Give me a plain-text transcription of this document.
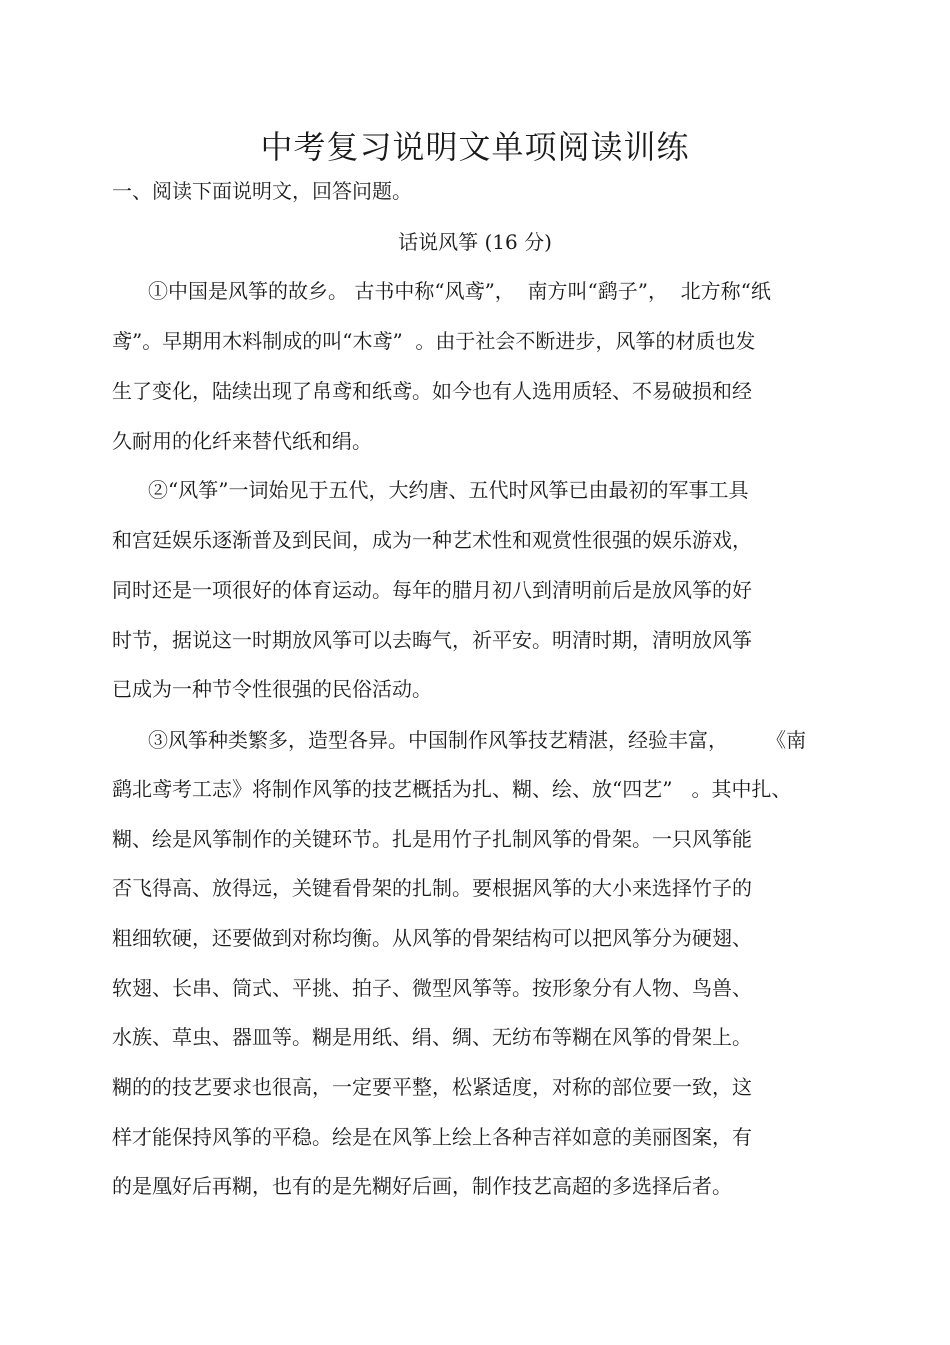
中考复习说明文单项阅读训练
一、阅读下面说明文，回答问题。
话说风筝 (16 分)
①中国是风筝的故乡。 古书中称“风鸢”，  南方叫“鹞子”，  北方称“纸
鸢”。早期用木料制成的叫“木鸢”  。由于社会不断进步，风筝的材质也发
生了变化，陆续出现了帛鸢和纸鸢。如今也有人选用质轻、不易破损和经
久耐用的化纤来替代纸和绢。
②“风筝”一词始见于五代，大约唐、五代时风筝已由最初的军事工具
和宫廷娱乐逐渐普及到民间，成为一种艺术性和观赏性很强的娱乐游戏，
同时还是一项很好的体育运动。每年的腊月初八到清明前后是放风筝的好
时节，据说这一时期放风筝可以去晦气，祈平安。明清时期，清明放风筝
已成为一种节令性很强的民俗活动。
③风筝种类繁多，造型各异。中国制作风筝技艺精湛，经验丰富，      《南
鹞北鸢考工志》将制作风筝的技艺概括为扎、糊、绘、放“四艺”   。其中扎、
糊、绘是风筝制作的关键环节。扎是用竹子扎制风筝的骨架。一只风筝能
否飞得高、放得远，关键看骨架的扎制。要根据风筝的大小来选择竹子的
粗细软硬，还要做到对称均衡。从风筝的骨架结构可以把风筝分为硬翅、
软翅、长串、筒式、平挑、拍子、微型风筝等。按形象分有人物、鸟兽、
水族、草虫、器皿等。糊是用纸、绢、绸、无纺布等糊在风筝的骨架上。
糊的的技艺要求也很高，一定要平整，松紧适度，对称的部位要一致，这
样才能保持风筝的平稳。绘是在风筝上绘上各种吉祥如意的美丽图案，有
的是凰好后再糊，也有的是先糊好后画，制作技艺高超的多选择后者。
